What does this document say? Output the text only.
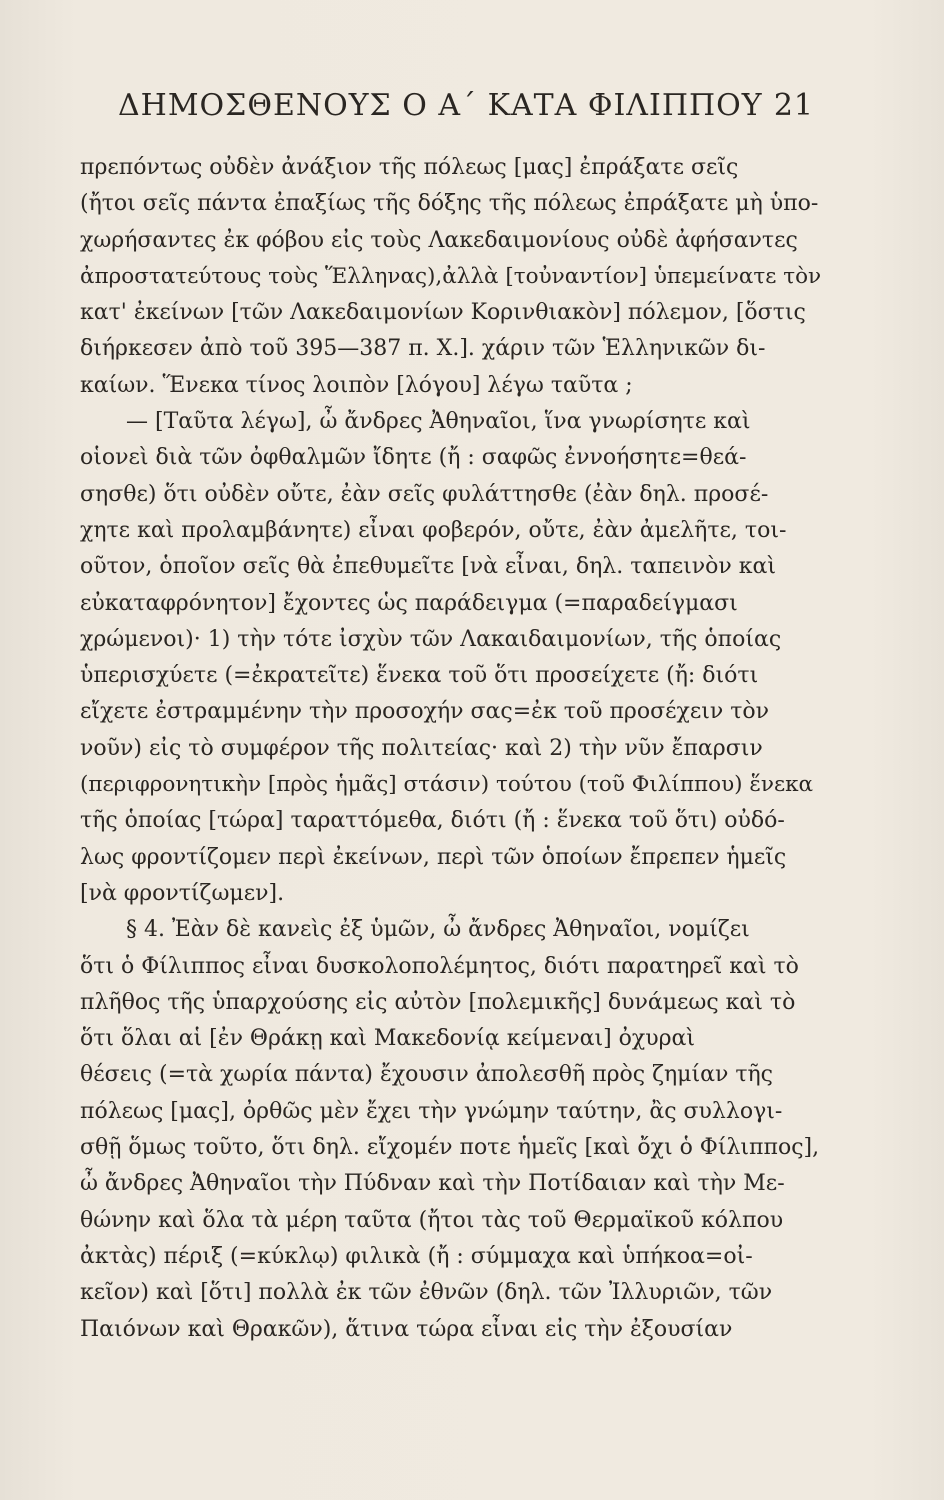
ΔΗΜΟΣΘΕΝΟΥΣ Ο Α΄ ΚΑΤΑ ΦΙΛΙΠΠΟΥ 21
πρεπόντως οὐδὲν ἀνάξιον τῆς πόλεως [μας] ἐπράξατε σεῖς
(ἤτοι σεῖς πάντα ἐπαξίως τῆς δόξης τῆς πόλεως ἐπράξατε μὴ ὑπο-
χωρήσαντες ἐκ φόβου εἰς τοὺς Λακεδαιμονίους οὐδὲ ἀφήσαντες
ἀπροστατεύτους τοὺς Ἕλληνας),ἀλλὰ [τοὐναντίον] ὑπεμείνατε τὸν
κατ' ἐκείνων [τῶν Λακεδαιμονίων Κορινθιακὸν] πόλεμον, [ὅστις
διήρκεσεν ἀπὸ τοῦ 395—387 π. Χ.]. χάριν τῶν Ἑλληνικῶν δι-
καίων. Ἕνεκα τίνος λοιπὸν [λόγου] λέγω ταῦτα ;
— [Ταῦτα λέγω], ὦ ἄνδρες Ἀθηναῖοι, ἵνα γνωρίσητε καὶ
οἱονεὶ διὰ τῶν ὀφθαλμῶν ἴδητε (ἤ : σαφῶς ἐννοήσητε=θεά-
σησθε) ὅτι οὐδὲν οὔτε, ἐὰν σεῖς φυλάττησθε (ἐὰν δηλ. προσέ-
χητε καὶ προλαμβάνητε) εἶναι φοβερόν, οὔτε, ἐὰν ἀμελῆτε, τοι-
οῦτον, ὁποῖον σεῖς θὰ ἐπεθυμεῖτε [νὰ εἶναι, δηλ. ταπεινὸν καὶ
εὐκαταφρόνητον] ἔχοντες ὡς παράδειγμα (=παραδείγμασι
χρώμενοι)· 1) τὴν τότε ἰσχὺν τῶν Λακαιδαιμονίων, τῆς ὁποίας
ὑπερισχύετε (=ἐκρατεῖτε) ἕνεκα τοῦ ὅτι προσείχετε (ἤ: διότι
εἴχετε ἐστραμμένην τὴν προσοχήν σας=ἐκ τοῦ προσέχειν τὸν
νοῦν) εἰς τὸ συμφέρον τῆς πολιτείας· καὶ 2) τὴν νῦν ἔπαρσιν
(περιφρονητικὴν [πρὸς ἡμᾶς] στάσιν) τούτου (τοῦ Φιλίππου) ἕνεκα
τῆς ὁποίας [τώρα] ταραττόμεθα, διότι (ἤ : ἕνεκα τοῦ ὅτι) οὐδό-
λως φροντίζομεν περὶ ἐκείνων, περὶ τῶν ὁποίων ἔπρεπεν ἡμεῖς
[νὰ φροντίζωμεν].
§ 4. Ἐὰν δὲ κανεὶς ἐξ ὑμῶν, ὦ ἄνδρες Ἀθηναῖοι, νομίζει
ὅτι ὁ Φίλιππος εἶναι δυσκολοπολέμητος, διότι παρατηρεῖ καὶ τὸ
πλῆθος τῆς ὑπαρχούσης εἰς αὐτὸν [πολεμικῆς] δυνάμεως καὶ τὸ
ὅτι ὅλαι αἱ [ἐν Θράκῃ καὶ Μακεδονίᾳ κείμεναι] ὀχυραὶ
θέσεις (=τὰ χωρία πάντα) ἔχουσιν ἀπολεσθῆ πρὸς ζημίαν τῆς
πόλεως [μας], ὀρθῶς μὲν ἔχει τὴν γνώμην ταύτην, ἂς συλλογι-
σθῇ ὅμως τοῦτο, ὅτι δηλ. εἴχομέν ποτε ἡμεῖς [καὶ ὄχι ὁ Φίλιππος],
ὦ ἄνδρες Ἀθηναῖοι τὴν Πύδναν καὶ τὴν Ποτίδαιαν καὶ τὴν Με-
θώνην καὶ ὅλα τὰ μέρη ταῦτα (ἤτοι τὰς τοῦ Θερμαϊκοῦ κόλπου
ἀκτὰς) πέριξ (=κύκλῳ) φιλικὰ (ἤ : σύμμαχα καὶ ὑπήκοα=οἰ-
κεῖον) καὶ [ὅτι] πολλὰ ἐκ τῶν ἐθνῶν (δηλ. τῶν Ἰλλυριῶν, τῶν
Παιόνων καὶ Θρακῶν), ἅτινα τώρα εἶναι εἰς τὴν ἐξουσίαν
